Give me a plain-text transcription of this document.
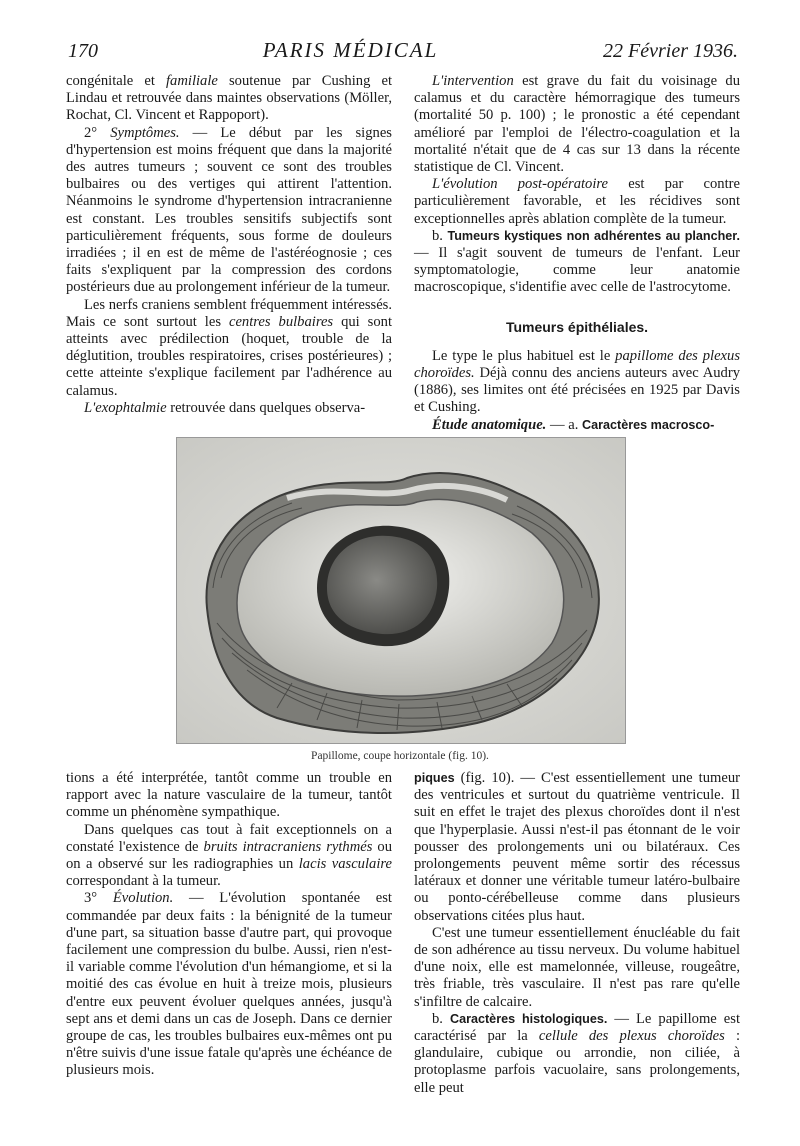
170	PARIS MÉDICAL	22 Février 1936.

congénitale et familiale soutenue par Cushing et Lindau et retrouvée dans maintes observations (Möller, Rochat, Cl. Vincent et Rappoport).

2° Symptômes. — Le début par les signes d'hypertension est moins fréquent que dans la majorité des autres tumeurs ; souvent ce sont des troubles bulbaires ou des vertiges qui attirent l'attention. Néanmoins le syndrome d'hypertension intracranienne est constant. Les troubles sensitifs subjectifs sont particulièrement fréquents, sous forme de douleurs irradiées ; il en est de même de l'astéréognosie ; ces faits s'expliquent par la compression des cordons postérieurs due au prolongement inférieur de la tumeur.

Les nerfs craniens semblent fréquemment intéressés. Mais ce sont surtout les centres bulbaires qui sont atteints avec prédilection (hoquet, trouble de la déglutition, troubles respiratoires, crises postérieures) ; cette atteinte s'explique facilement par l'adhérence au calamus.

L'exophtalmie retrouvée dans quelques observa-

L'intervention est grave du fait du voisinage du calamus et du caractère hémorragique des tumeurs (mortalité 50 p. 100) ; le pronostic a été cependant amélioré par l'emploi de l'électro-coagulation et la mortalité n'était que de 4 cas sur 13 dans la récente statistique de Cl. Vincent.

L'évolution post-opératoire est par contre particulièrement favorable, et les récidives sont exceptionnelles après ablation complète de la tumeur.

b. Tumeurs kystiques non adhérentes au plancher. — Il s'agit souvent de tumeurs de l'enfant. Leur symptomatologie, comme leur anatomie macroscopique, s'identifie avec celle de l'astrocytome.

Tumeurs épithéliales.

Le type le plus habituel est le papillome des plexus choroïdes. Déjà connu des anciens auteurs avec Audry (1886), ses limites ont été précisées en 1925 par Davis et Cushing.

Étude anatomique. — a. Caractères macrosco-

Papillome, coupe horizontale (fig. 10).

tions a été interprétée, tantôt comme un trouble en rapport avec la nature vasculaire de la tumeur, tantôt comme un phénomène sympathique.

Dans quelques cas tout à fait exceptionnels on a constaté l'existence de bruits intracraniens rythmés ou on a observé sur les radiographies un lacis vasculaire correspondant à la tumeur.

3° Évolution. — L'évolution spontanée est commandée par deux faits : la bénignité de la tumeur d'une part, sa situation basse d'autre part, qui provoque facilement une compression du bulbe. Aussi, rien n'est-il variable comme l'évolution d'un hémangiome, et si la moitié des cas évolue en huit à treize mois, plusieurs d'entre eux peuvent évoluer quelques années, jusqu'à sept ans et demi dans un cas de Joseph. Dans ce dernier groupe de cas, les troubles bulbaires eux-mêmes ont pu n'être suivis d'une issue fatale qu'après une échéance de plusieurs mois.

piques (fig. 10). — C'est essentiellement une tumeur des ventricules et surtout du quatrième ventricule. Il suit en effet le trajet des plexus choroïdes dont il n'est que l'hyperplasie. Aussi n'est-il pas étonnant de le voir pousser des prolongements uni ou bilatéraux. Ces prolongements peuvent même sortir des récessus latéraux et donner une véritable tumeur latéro-bulbaire ou ponto-cérébelleuse comme dans plusieurs observations citées plus haut.

C'est une tumeur essentiellement énucléable du fait de son adhérence au tissu nerveux. Du volume habituel d'une noix, elle est mamelonnée, villeuse, rougeâtre, très friable, très vasculaire. Il n'est pas rare qu'elle s'infiltre de calcaire.

b. Caractères histologiques. — Le papillome est caractérisé par la cellule des plexus choroïdes : glandulaire, cubique ou arrondie, non ciliée, à protoplasme parfois vacuolaire, sans prolongements, elle peut
